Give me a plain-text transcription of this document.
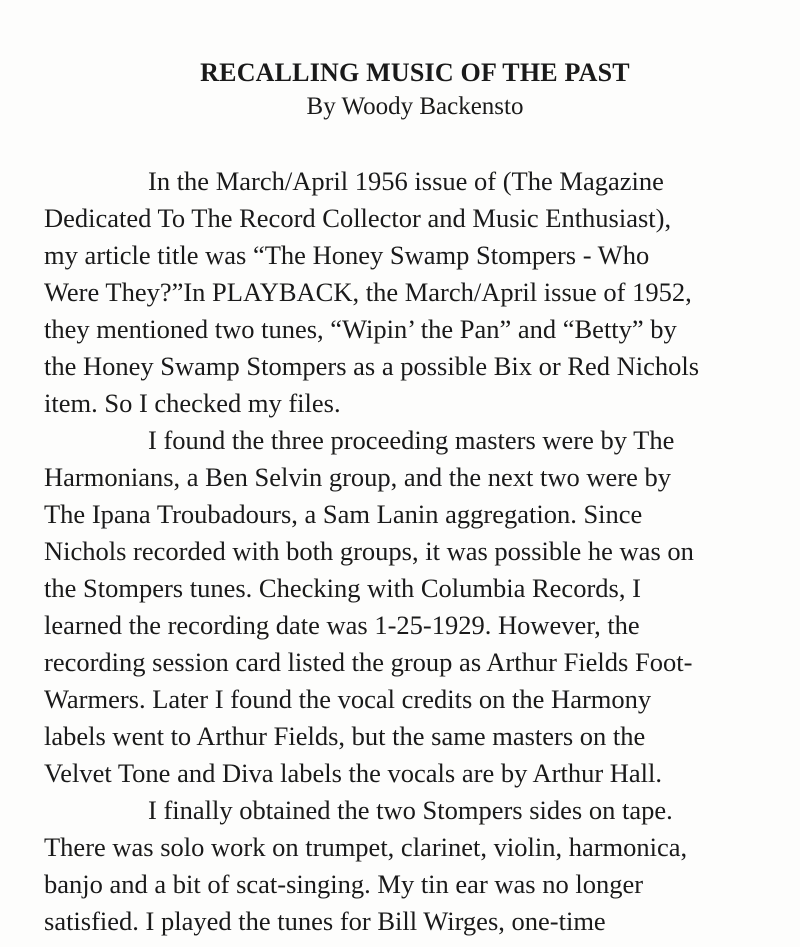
RECALLING MUSIC OF THE PAST
By Woody Backensto
In the March/April 1956 issue of (The Magazine
Dedicated To The Record Collector and Music Enthusiast),
my article title was “The Honey Swamp Stompers - Who
Were They?”In PLAYBACK, the March/April issue of 1952,
they mentioned two tunes, “Wipin’ the Pan” and “Betty” by
the Honey Swamp Stompers as a possible Bix or Red Nichols
item. So I checked my files.
I found the three proceeding masters were by The
Harmonians, a Ben Selvin group, and the next two were by
The Ipana Troubadours, a Sam Lanin aggregation. Since
Nichols recorded with both groups, it was possible he was on
the Stompers tunes. Checking with Columbia Records, I
learned the recording date was 1-25-1929. However, the
recording session card listed the group as Arthur Fields Foot-
Warmers. Later I found the vocal credits on the Harmony
labels went to Arthur Fields, but the same masters on the
Velvet Tone and Diva labels the vocals are by Arthur Hall.
I finally obtained the two Stompers sides on tape.
There was solo work on trumpet, clarinet, violin, harmonica,
banjo and a bit of scat-singing. My tin ear was no longer
satisfied. I played the tunes for Bill Wirges, one-time
